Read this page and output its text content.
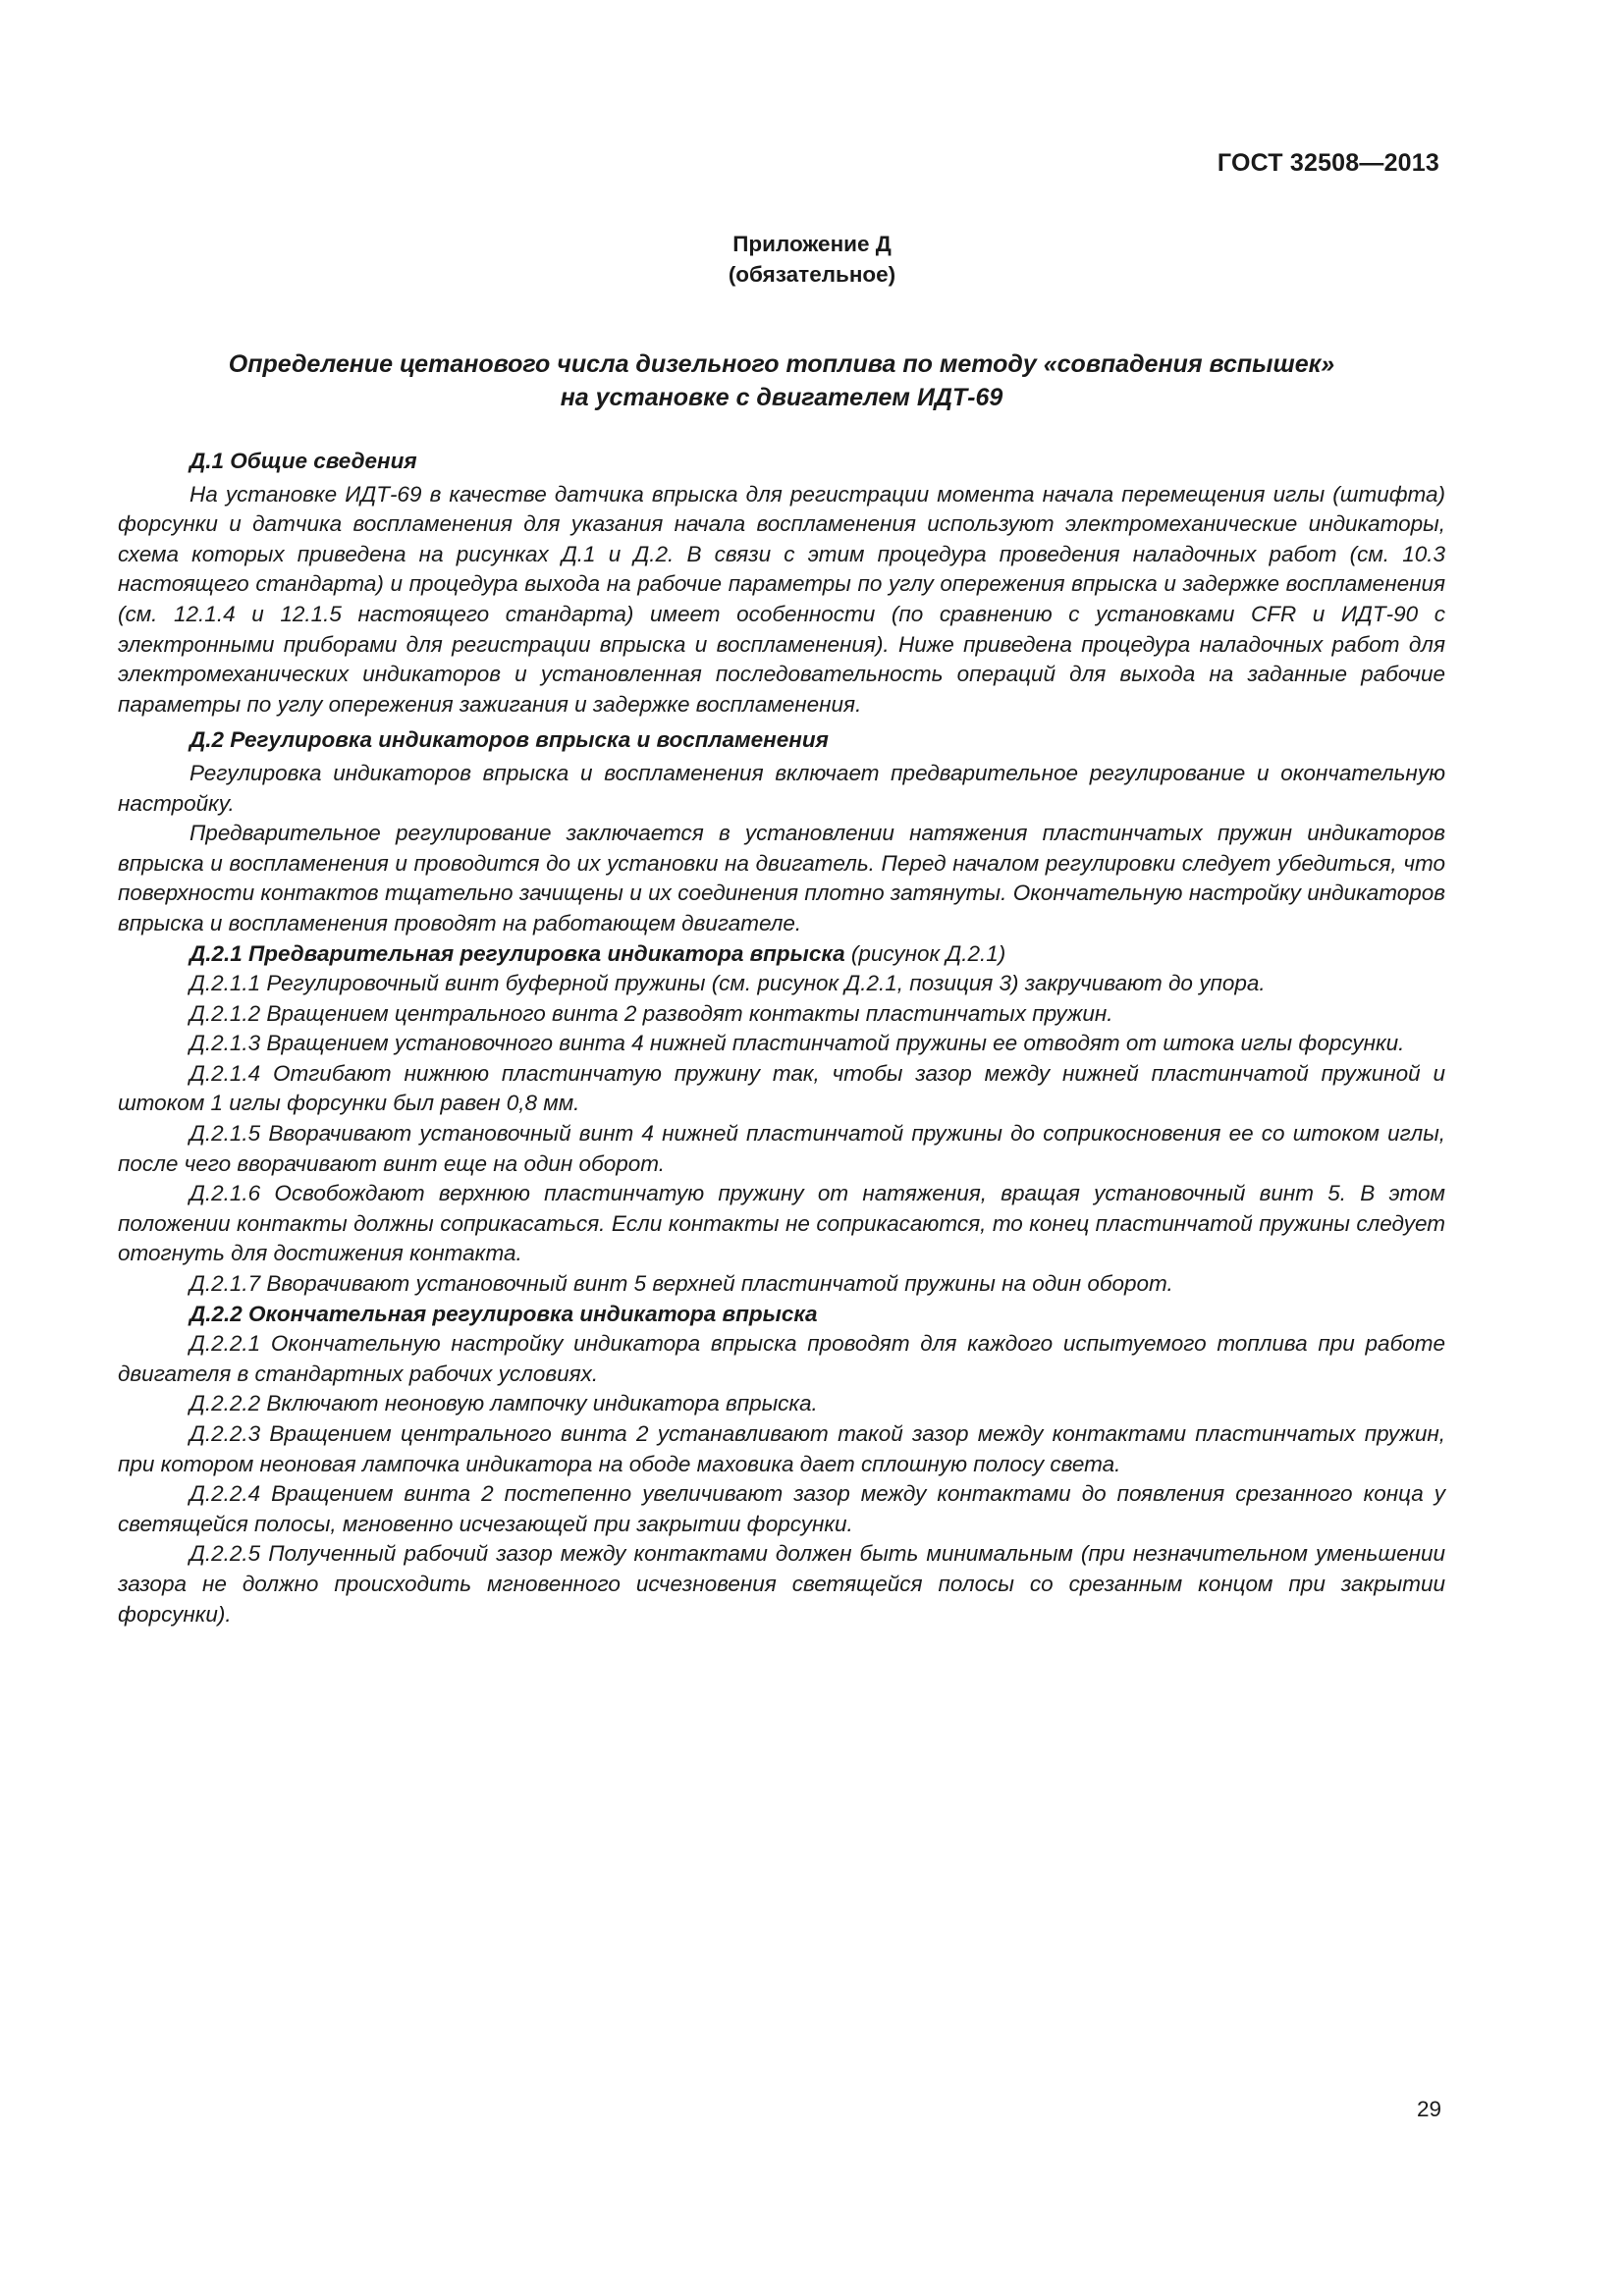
ГОСТ 32508—2013
Приложение Д
(обязательное)
Определение цетанового числа дизельного топлива по методу «совпадения вспышек»
на установке с двигателем ИДТ-69

Д.1 Общие сведения

На установке ИДТ-69 в качестве датчика впрыска для регистрации момента начала перемещения иглы (штифта) форсунки и датчика воспламенения для указания начала воспламенения используют электромеханические индикаторы, схема которых приведена на рисунках Д.1 и Д.2. В связи с этим процедура проведения наладочных работ (см. 10.3 настоящего стандарта) и процедура выхода на рабочие параметры по углу опережения впрыска и задержке воспламенения (см. 12.1.4 и 12.1.5 настоящего стандарта) имеет особенности (по сравнению с установками CFR и ИДТ-90 с электронными приборами для регистрации впрыска и воспламенения). Ниже приведена процедура наладочных работ для электромеханических индикаторов и установленная последовательность операций для выхода на заданные рабочие параметры по углу опережения зажигания и задержке воспламенения.

Д.2 Регулировка индикаторов впрыска и воспламенения

Регулировка индикаторов впрыска и воспламенения включает предварительное регулирование и окончательную настройку.

Предварительное регулирование заключается в установлении натяжения пластинчатых пружин индикаторов впрыска и воспламенения и проводится до их установки на двигатель. Перед началом регулировки следует убедиться, что поверхности контактов тщательно зачищены и их соединения плотно затянуты. Окончательную настройку индикаторов впрыска и воспламенения проводят на работающем двигателе.

Д.2.1 Предварительная регулировка индикатора впрыска (рисунок Д.2.1)

Д.2.1.1 Регулировочный винт буферной пружины (см. рисунок Д.2.1, позиция 3) закручивают до упора.

Д.2.1.2 Вращением центрального винта 2 разводят контакты пластинчатых пружин.

Д.2.1.3 Вращением установочного винта 4 нижней пластинчатой пружины ее отводят от штока иглы форсунки.

Д.2.1.4 Отгибают нижнюю пластинчатую пружину так, чтобы зазор между нижней пластинчатой пружиной и штоком 1 иглы форсунки был равен 0,8 мм.

Д.2.1.5 Вворачивают установочный винт 4 нижней пластинчатой пружины до соприкосновения ее со штоком иглы, после чего вворачивают винт еще на один оборот.

Д.2.1.6 Освобождают верхнюю пластинчатую пружину от натяжения, вращая установочный винт 5. В этом положении контакты должны соприкасаться. Если контакты не соприкасаются, то конец пластинчатой пружины следует отогнуть для достижения контакта.

Д.2.1.7 Вворачивают установочный винт 5 верхней пластинчатой пружины на один оборот.

Д.2.2 Окончательная регулировка индикатора впрыска

Д.2.2.1 Окончательную настройку индикатора впрыска проводят для каждого испытуемого топлива при работе двигателя в стандартных рабочих условиях.

Д.2.2.2 Включают неоновую лампочку индикатора впрыска.

Д.2.2.3 Вращением центрального винта 2 устанавливают такой зазор между контактами пластинчатых пружин, при котором неоновая лампочка индикатора на ободе маховика дает сплошную полосу света.

Д.2.2.4 Вращением винта 2 постепенно увеличивают зазор между контактами до появления срезанного конца у светящейся полосы, мгновенно исчезающей при закрытии форсунки.

Д.2.2.5 Полученный рабочий зазор между контактами должен быть минимальным (при незначительном уменьшении зазора не должно происходить мгновенного исчезновения светящейся полосы со срезанным концом при закрытии форсунки).

29
